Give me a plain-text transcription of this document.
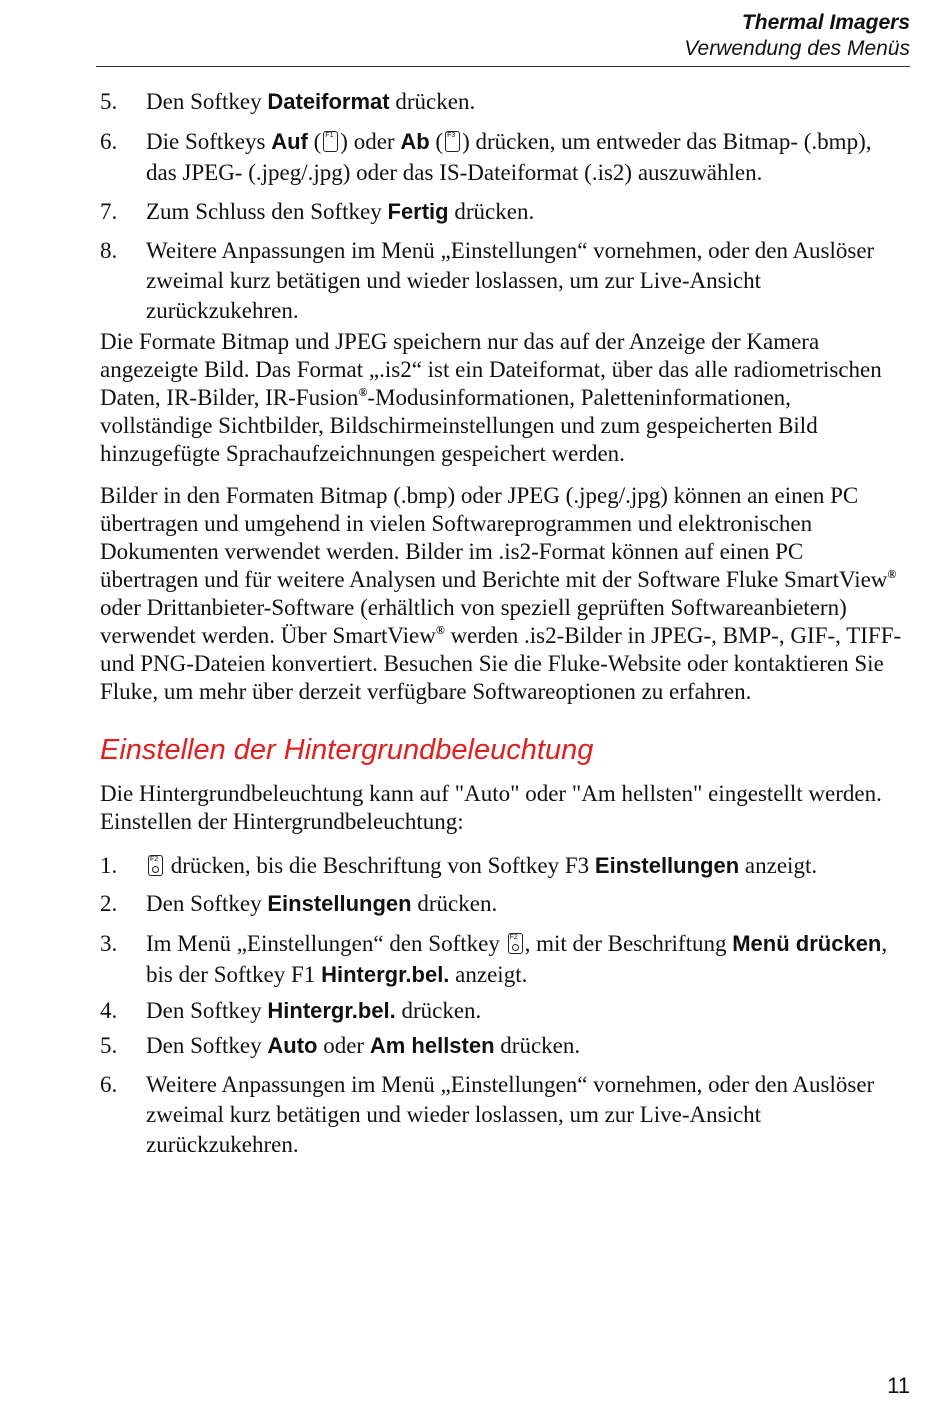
Thermal Imagers
Verwendung des Menüs
5. Den Softkey Dateiformat drücken.
6. Die Softkeys Auf ( F1 ) oder Ab ( F3 ) drücken, um entweder das Bitmap- (.bmp), das JPEG- (.jpeg/.jpg) oder das IS-Dateiformat (.is2) auszuwählen.
7. Zum Schluss den Softkey Fertig drücken.
8. Weitere Anpassungen im Menü „Einstellungen“ vornehmen, oder den Auslöser zweimal kurz betätigen und wieder loslassen, um zur Live-Ansicht zurückzukehren.

Die Formate Bitmap und JPEG speichern nur das auf der Anzeige der Kamera angezeigte Bild. Das Format „.is2“ ist ein Dateiformat, über das alle radiometrischen Daten, IR-Bilder, IR-Fusion®-Modusinformationen, Paletteninformationen, vollständige Sichtbilder, Bildschirmeinstellungen und zum gespeicherten Bild hinzugefügte Sprachaufzeichnungen gespeichert werden.

Bilder in den Formaten Bitmap (.bmp) oder JPEG (.jpeg/.jpg) können an einen PC übertragen und umgehend in vielen Softwareprogrammen und elektronischen Dokumenten verwendet werden. Bilder im .is2-Format können auf einen PC übertragen und für weitere Analysen und Berichte mit der Software Fluke SmartView® oder Drittanbieter-Software (erhältlich von speziell geprüften Softwareanbietern) verwendet werden. Über SmartView® werden .is2-Bilder in JPEG-, BMP-, GIF-, TIFF- und PNG-Dateien konvertiert. Besuchen Sie die Fluke-Website oder kontaktieren Sie Fluke, um mehr über derzeit verfügbare Softwareoptionen zu erfahren.

Einstellen der Hintergrundbeleuchtung

Die Hintergrundbeleuchtung kann auf "Auto" oder "Am hellsten" eingestellt werden. Einstellen der Hintergrundbeleuchtung:

1.	F2 drücken, bis die Beschriftung von Softkey F3 Einstellungen anzeigt.
2. Den Softkey Einstellungen drücken.
3. Im Menü „Einstellungen“ den Softkey F2 , mit der Beschriftung Menü drücken, bis der Softkey F1 Hintergr.bel. anzeigt.
4. Den Softkey Hintergr.bel. drücken.
5. Den Softkey Auto oder Am hellsten drücken.
6. Weitere Anpassungen im Menü „Einstellungen“ vornehmen, oder den Auslöser zweimal kurz betätigen und wieder loslassen, um zur Live-Ansicht zurückzukehren.
11
